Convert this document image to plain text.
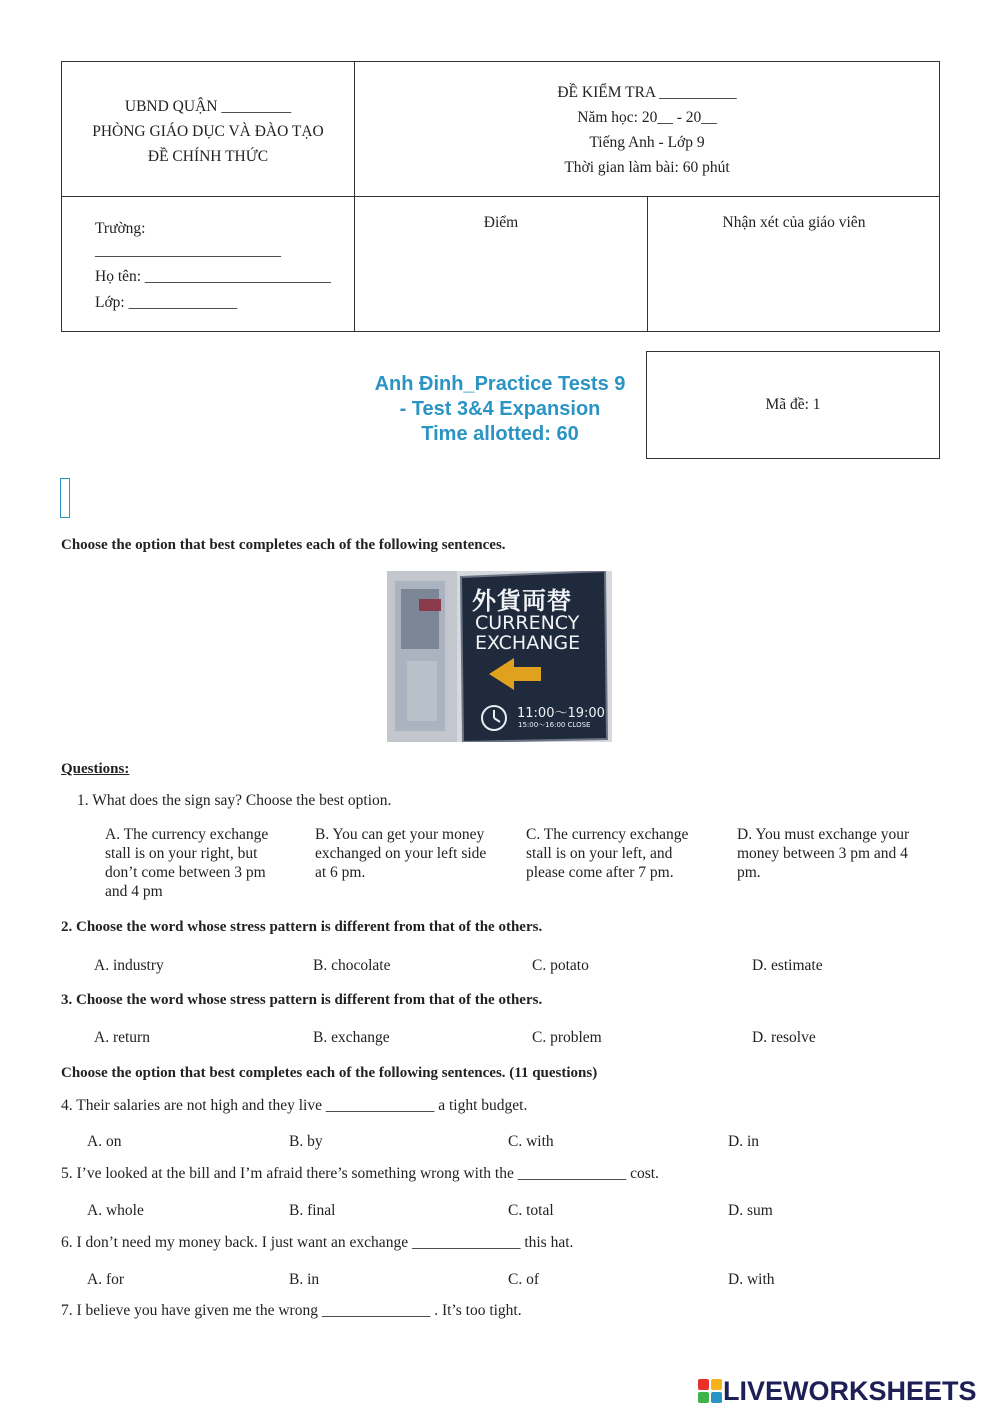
UBND QUẬN _________
PHÒNG GIÁO DỤC VÀ ĐÀO TẠO
ĐỀ CHÍNH THỨC
ĐỀ KIỂM TRA __________
Năm học: 20__ - 20__
Tiếng Anh - Lớp 9
Thời gian làm bài: 60 phút
Trường:
________________________
Họ tên: ________________________
Lớp: ______________
Điểm	Nhận xét của giáo viên
Anh Đinh_Practice Tests 9
- Test 3&4 Expansion
Time allotted: 60
Mã đề: 1
Choose the option that best completes each of the following sentences.
外貨両替
CURRENCY
EXCHANGE
11:00～19:00
15:00～16:00 CLOSE
Questions:
1. What does the sign say? Choose the best option.
A. The currency exchange
stall is on your right, but
don’t come between 3 pm
and 4 pm
B. You can get your money
exchanged on your left side
at 6 pm.
C. The currency exchange
stall is on your left, and
please come after 7 pm.
D. You must exchange your
money between 3 pm and 4
pm.
2. Choose the word whose stress pattern is different from that of the others.
A. industry	B. chocolate	C. potato	D. estimate
3. Choose the word whose stress pattern is different from that of the others.
A. return	B. exchange	C. problem	D. resolve
Choose the option that best completes each of the following sentences. (11 questions)
4. Their salaries are not high and they live ______________ a tight budget.
A. on	B. by	C. with	D. in
5. I’ve looked at the bill and I’m afraid there’s something wrong with the ______________ cost.
A. whole	B. final	C. total	D. sum
6. I don’t need my money back. I just want an exchange ______________ this hat.
A. for	B. in	C. of	D. with
7. I believe you have given me the wrong ______________ . It’s too tight.
LIVEWORKSHEETS
